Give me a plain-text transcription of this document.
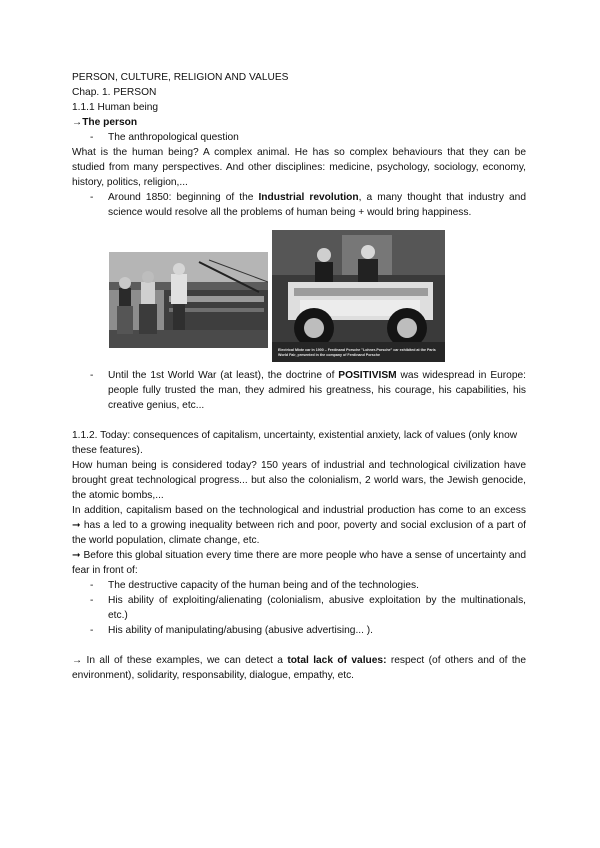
PERSON, CULTURE, RELIGION AND VALUES
Chap. 1. PERSON
1.1.1 Human being
→The person
- The anthropological question
What is the human being? A complex animal. He has so complex behaviours that they can be studied from many perspectives. And other disciplines: medicine, psychology, sociology, economy, history, politics, religion,...
- Around 1850: beginning of the Industrial revolution, a many thought that industry and science would resolve all the problems of human being + would bring happiness.
Electrical Mixte car in 1900 – Ferdinand Porsche "Lohner-Porsche" car exhibited at the Paris World Fair, presented in the company of Ferdinand Porsche
- Until the 1st World War (at least), the doctrine of POSITIVISM was widespread in Europe: people fully trusted the man, they admired his greatness, his courage, his capabilities, his creative genius, etc...
1.1.2. Today: consequences of capitalism, uncertainty, existential anxiety, lack of values (only know these features).
How human being is considered today? 150 years of industrial and technological civilization have brought great technological progress... but also the colonialism, 2 world wars, the Jewish genocide, the atomic bombs,...
In addition, capitalism based on the technological and industrial production has come to an excess ➞ has a led to a growing inequality between rich and poor, poverty and social exclusion of a part of the world population, climate change, etc.
➞ Before this global situation every time there are more people who have a sense of uncertainty and fear in front of:
- The destructive capacity of the human being and of the technologies.
- His ability of exploiting/alienating (colonialism, abusive exploitation by the multinationals, etc.)
- His ability of manipulating/abusing (abusive advertising... ).
→ In all of these examples, we can detect a total lack of values: respect (of others and of the environment), solidarity, responsability, dialogue, empathy, etc.
